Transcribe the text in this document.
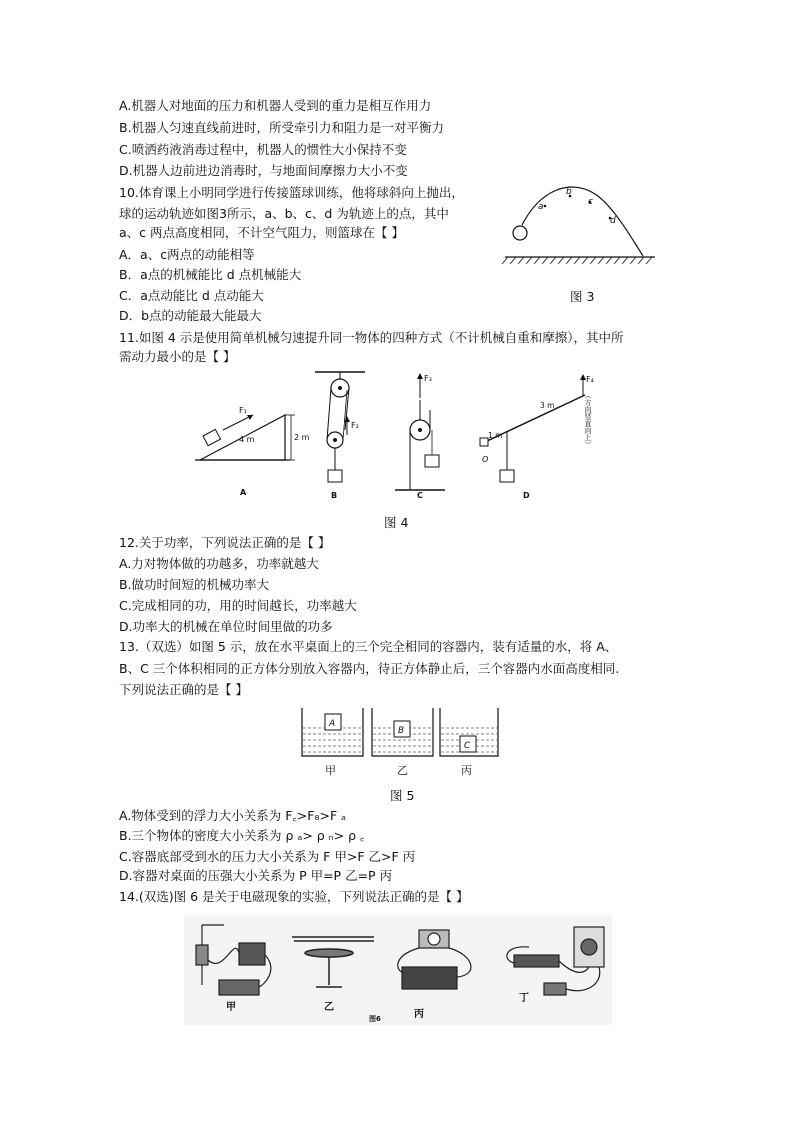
A.机器人对地面的压力和机器人受到的重力是相互作用力
B.机器人匀速直线前进时，所受牵引力和阻力是一对平衡力
C.喷洒药液消毒过程中，机器人的惯性大小保持不变
D.机器人边前进边消毒时，与地面间摩擦力大小不变
10.体育课上小明同学进行传接篮球训练，他将球斜向上抛出，
球的运动轨迹如图3所示，a、b、c、d 为轨迹上的点，其中
a、c 两点高度相同，不计空气阻力，则篮球在【 】
A．a、c两点的动能相等
B．a点的机械能比 d 点机械能大
C．a点动能比 d 点动能大
D．b点的动能最大能最大
a
b
c
d
图 3
11.如图 4 示是使用简单机械匀速提升同一物体的四种方式（不计机械自重和摩擦），其中所
需动力最小的是【 】
F₁
4 m	2 m
A
F₂
B
F₃
C
O
1 m
3 m
F₄
（方向竖直向上）
D
图 4
12.关于功率，下列说法正确的是【 】
A.力对物体做的功越多，功率就越大
B.做功时间短的机械功率大
C.完成相同的功，用的时间越长，功率越大
D.功率大的机械在单位时间里做的功多
13.（双选）如图 5 示，放在水平桌面上的三个完全相同的容器内，装有适量的水，将 A、
B、C 三个体积相同的正方体分别放入容器内，待正方体静止后，三个容器内水面高度相同.
下列说法正确的是【 】
A
甲
B
乙
C
丙
图 5
A.物体受到的浮力大小关系为 F꜀>F₈>F ₐ
B.三个物体的密度大小关系为 ρ ₐ> ρ ₙ> ρ ꜀
C.容器底部受到水的压力大小关系为 F 甲>F 乙>F 丙
D.容器对桌面的压强大小关系为 P 甲=P 乙=P 丙
14.(双选)图 6 是关于电磁现象的实验，下列说法正确的是【 】
甲	乙
丙
丁
图6
